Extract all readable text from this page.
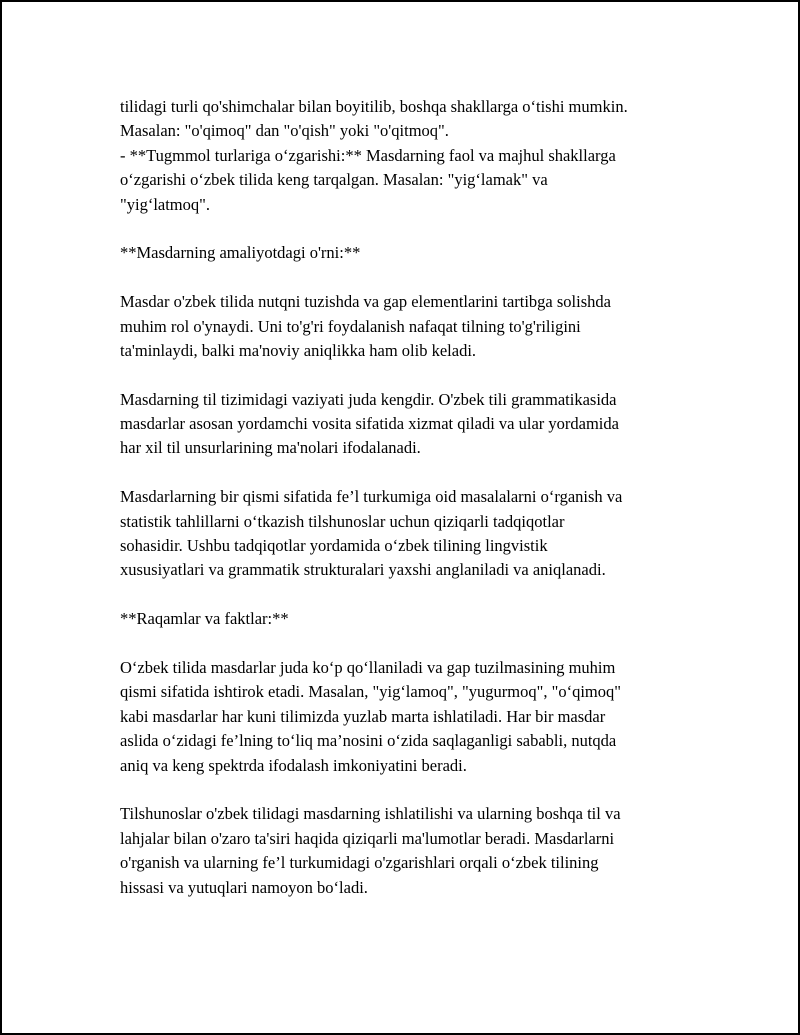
tilidagi turli qo'shimchalar bilan boyitilib, boshqa shakllarga o‘tishi mumkin.
Masalan: "o'qimoq" dan "o'qish" yoki "o'qitmoq".
- **Tugmmol turlariga o‘zgarishi:** Masdarning faol va majhul shakllarga
o‘zgarishi o‘zbek tilida keng tarqalgan. Masalan: "yig‘lamak" va
"yig‘latmoq".
**Masdarning amaliyotdagi o'rni:**
Masdar o'zbek tilida nutqni tuzishda va gap elementlarini tartibga solishda
muhim rol o'ynaydi. Uni to'g'ri foydalanish nafaqat tilning to'g'riligini
ta'minlaydi, balki ma'noviy aniqlikka ham olib keladi.
Masdarning til tizimidagi vaziyati juda kengdir. O'zbek tili grammatikasida
masdarlar asosan yordamchi vosita sifatida xizmat qiladi va ular yordamida
har xil til unsurlarining ma'nolari ifodalanadi.
Masdarlarning bir qismi sifatida fe’l turkumiga oid masalalarni o‘rganish va
statistik tahlillarni o‘tkazish tilshunoslar uchun qiziqarli tadqiqotlar
sohasidir. Ushbu tadqiqotlar yordamida o‘zbek tilining lingvistik
xususiyatlari va grammatik strukturalari yaxshi anglaniladi va aniqlanadi.
**Raqamlar va faktlar:**
O‘zbek tilida masdarlar juda ko‘p qo‘llaniladi va gap tuzilmasining muhim
qismi sifatida ishtirok etadi. Masalan, "yig‘lamoq", "yugurmoq", "o‘qimoq"
kabi masdarlar har kuni tilimizda yuzlab marta ishlatiladi. Har bir masdar
aslida o‘zidagi fe’lning to‘liq ma’nosini o‘zida saqlaganligi sababli, nutqda
aniq va keng spektrda ifodalash imkoniyatini beradi.
Tilshunoslar o'zbek tilidagi masdarning ishlatilishi va ularning boshqa til va
lahjalar bilan o'zaro ta'siri haqida qiziqarli ma'lumotlar beradi. Masdarlarni
o'rganish va ularning fe’l turkumidagi o'zgarishlari orqali o‘zbek tilining
hissasi va yutuqlari namoyon bo‘ladi.
